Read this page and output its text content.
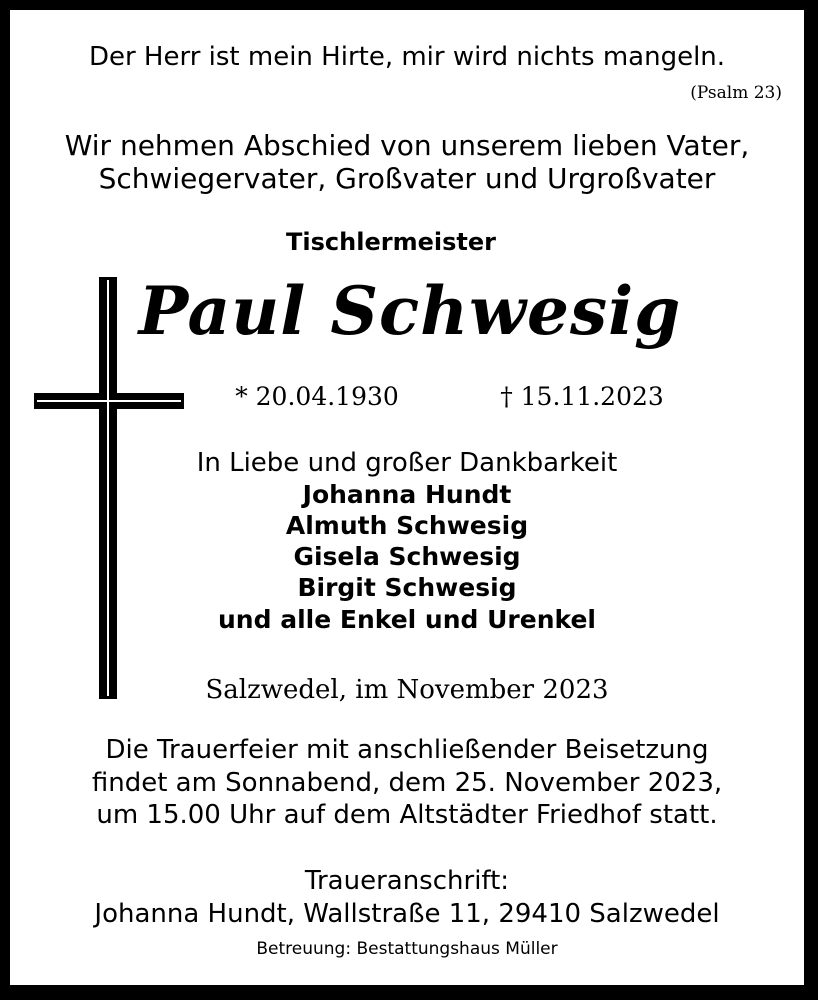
Der Herr ist mein Hirte, mir wird nichts mangeln.
(Psalm 23)
Wir nehmen Abschied von unserem lieben Vater,
Schwiegervater, Großvater und Urgroßvater
Tischlermeister
Paul Schwesig
* 20.04.1930	† 15.11.2023
In Liebe und großer Dankbarkeit
Johanna Hundt
Almuth Schwesig
Gisela Schwesig
Birgit Schwesig
und alle Enkel und Urenkel
Salzwedel, im November 2023
Die Trauerfeier mit anschließender Beisetzung
findet am Sonnabend, dem 25. November 2023,
um 15.00 Uhr auf dem Altstädter Friedhof statt.
Traueranschrift:
Johanna Hundt, Wallstraße 11, 29410 Salzwedel
Betreuung: Bestattungshaus Müller
